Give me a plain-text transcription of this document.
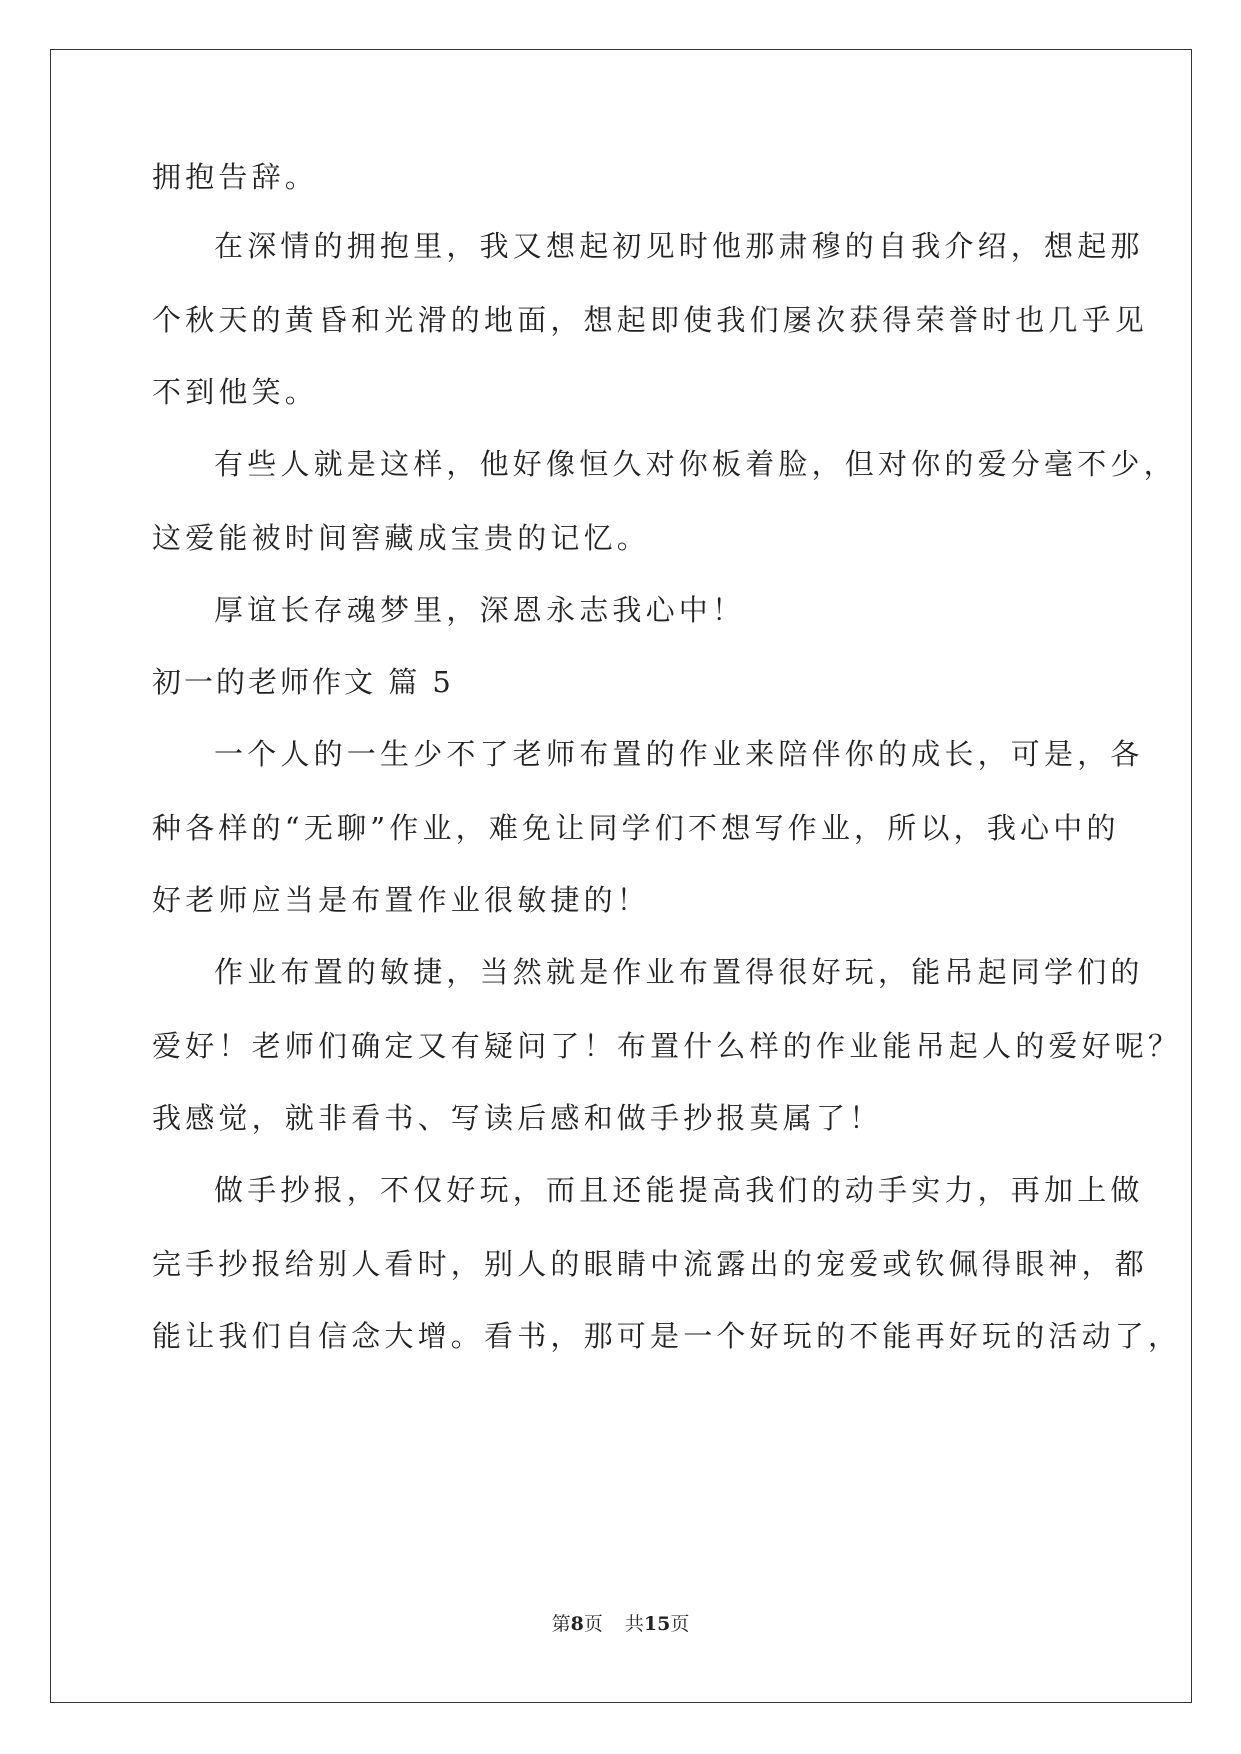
拥抱告辞。
在深情的拥抱里，我又想起初见时他那肃穆的自我介绍，想起那
个秋天的黄昏和光滑的地面，想起即使我们屡次获得荣誉时也几乎见
不到他笑。
有些人就是这样，他好像恒久对你板着脸，但对你的爱分毫不少，
这爱能被时间窖藏成宝贵的记忆。
厚谊长存魂梦里，深恩永志我心中！
初一的老师作文 篇 5
一个人的一生少不了老师布置的作业来陪伴你的成长，可是，各
种各样的“无聊”作业，难免让同学们不想写作业，所以，我心中的
好老师应当是布置作业很敏捷的！
作业布置的敏捷，当然就是作业布置得很好玩，能吊起同学们的
爱好！老师们确定又有疑问了！布置什么样的作业能吊起人的爱好呢？
我感觉，就非看书、写读后感和做手抄报莫属了！
做手抄报，不仅好玩，而且还能提高我们的动手实力，再加上做
完手抄报给别人看时，别人的眼睛中流露出的宠爱或钦佩得眼神，都
能让我们自信念大增。看书，那可是一个好玩的不能再好玩的活动了，
第8页 共15页
